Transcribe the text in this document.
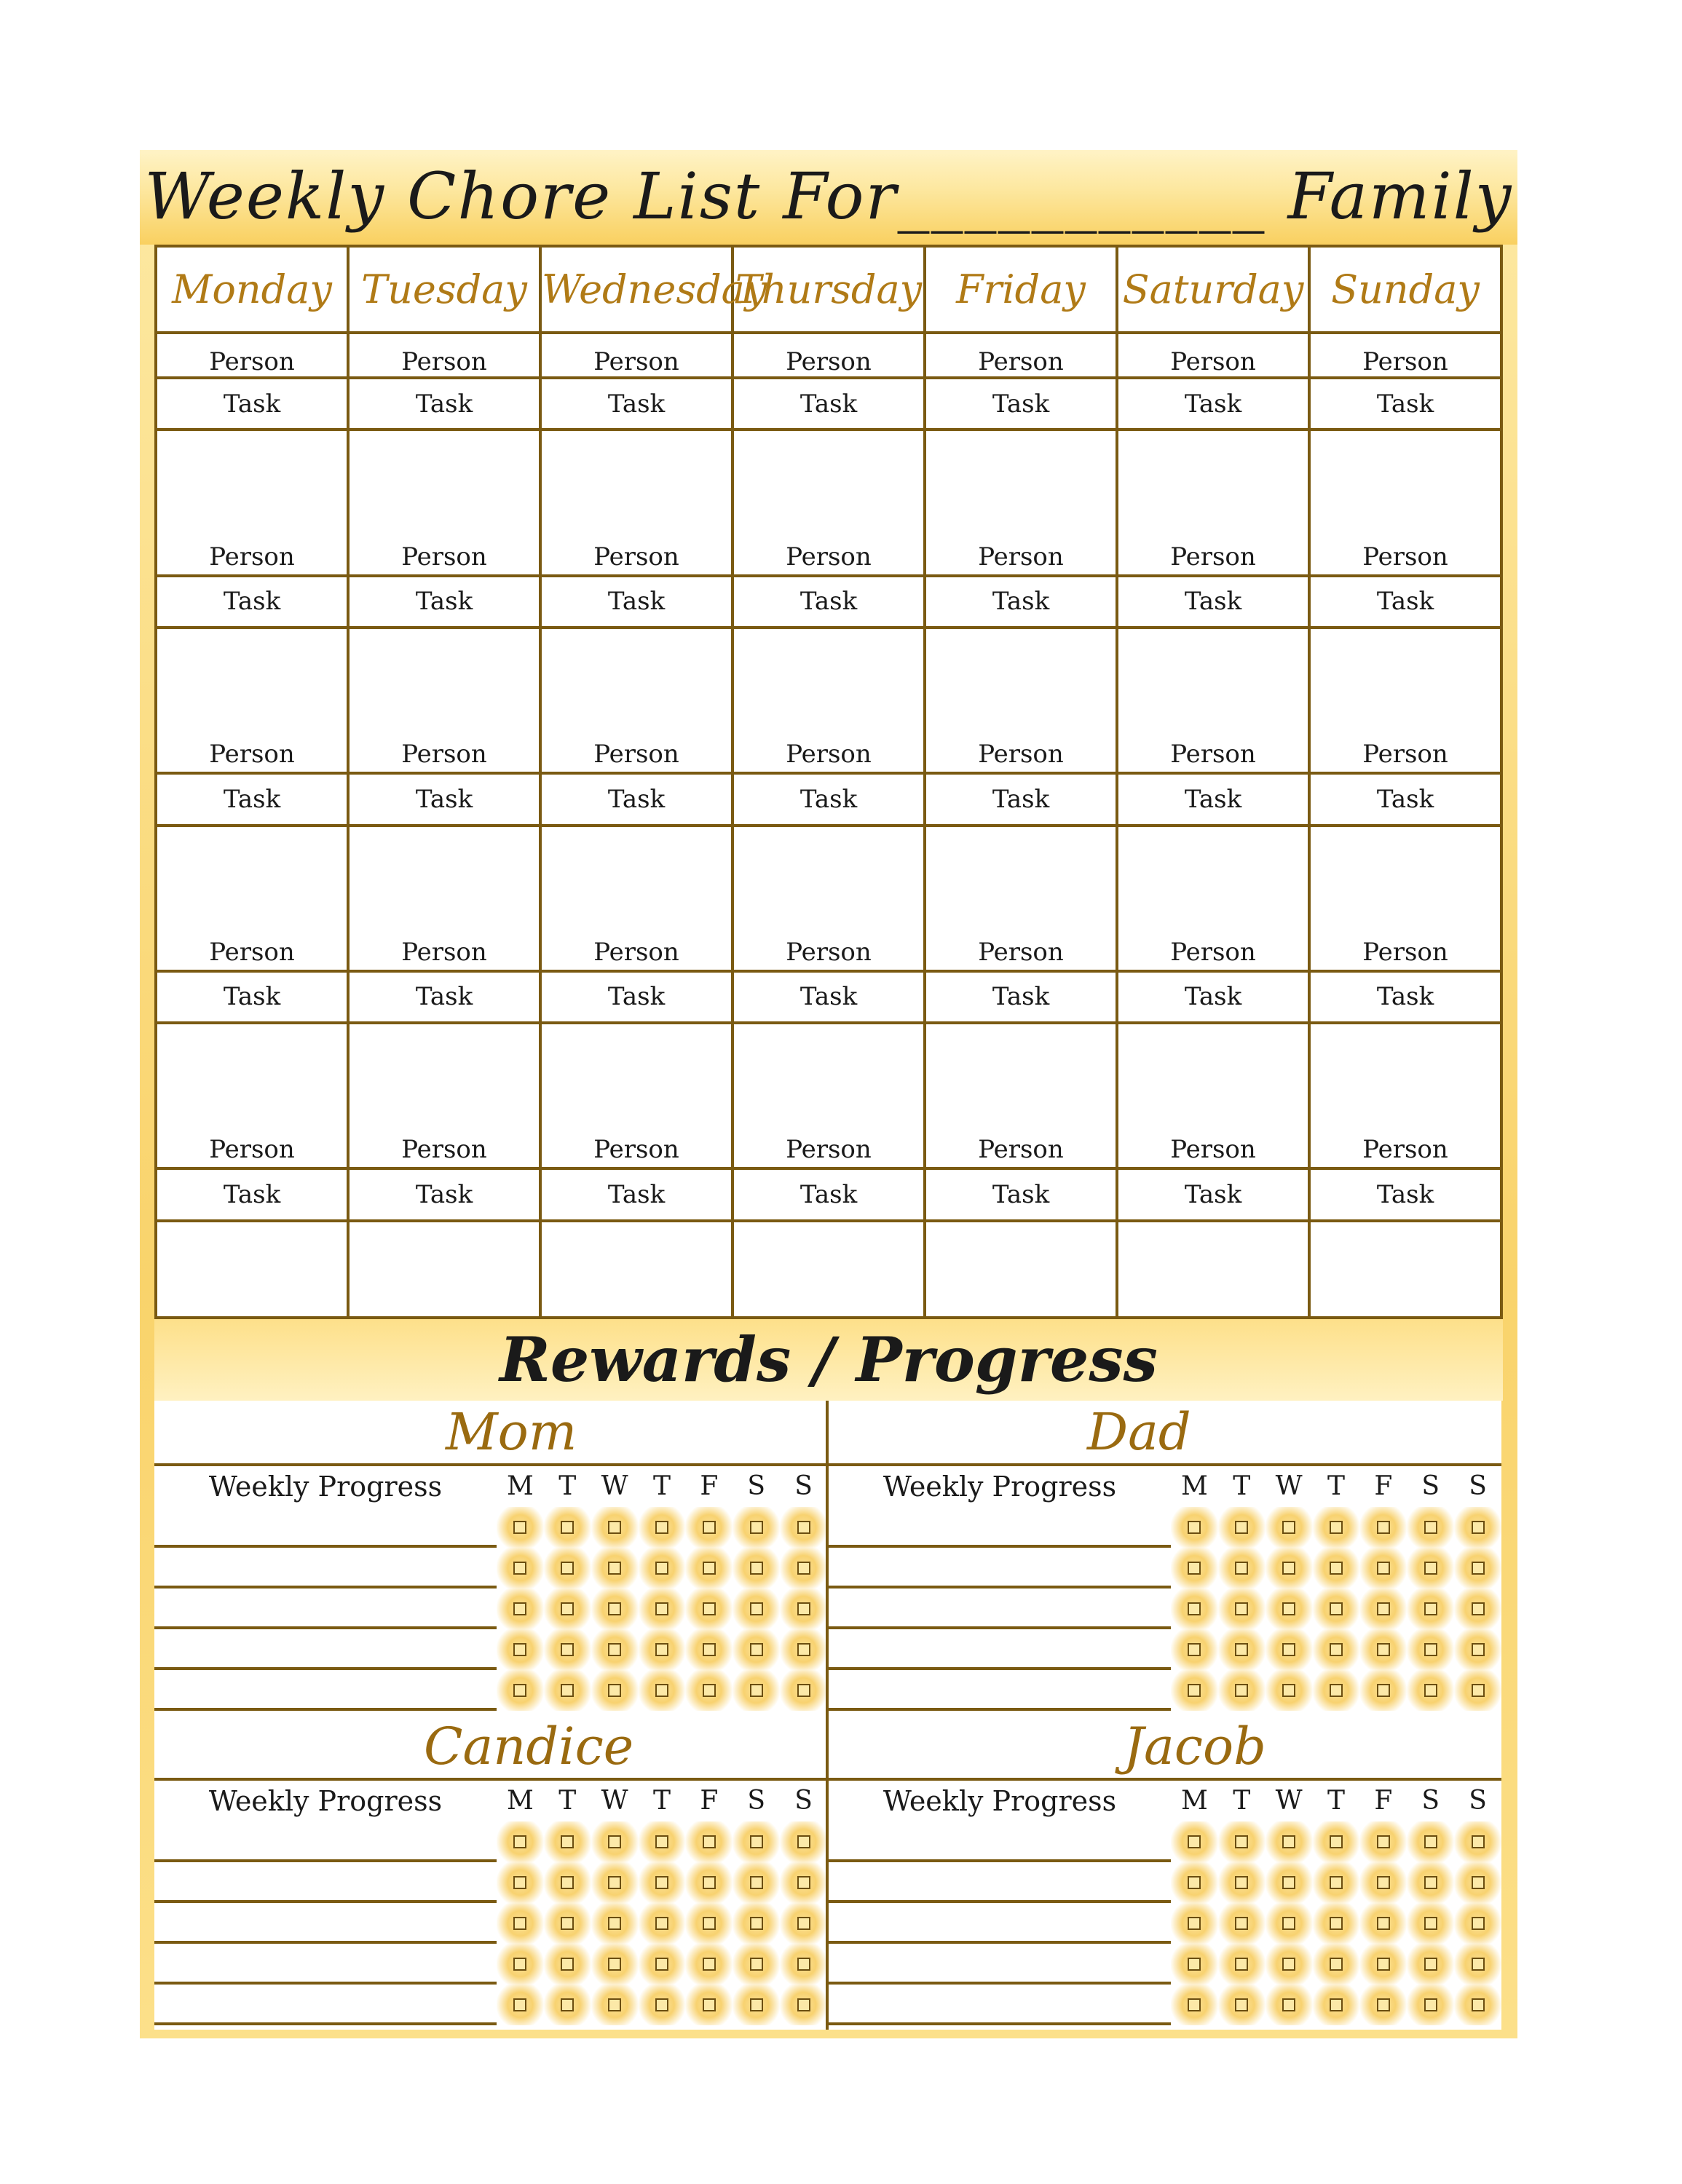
Weekly Chore List For___________ Family
Monday	Tuesday	Wednesday	Thursday	Friday	Saturday	Sunday
Person	Person	Person	Person	Person	Person	Person
Task	Task	Task	Task	Task	Task	Task
Person	Person	Person	Person	Person	Person	Person
Task	Task	Task	Task	Task	Task	Task
Person	Person	Person	Person	Person	Person	Person
Task	Task	Task	Task	Task	Task	Task
Person	Person	Person	Person	Person	Person	Person
Task	Task	Task	Task	Task	Task	Task
Person	Person	Person	Person	Person	Person	Person
Task	Task	Task	Task	Task	Task	Task

Rewards / Progress
Mom
Weekly Progress	M T W T	F	S	S
Dad
Weekly Progress	M T W T	F	S	S
Candice
Weekly Progress	M T W T	F	S	S
Jacob
Weekly Progress	M T W T	F	S	S
